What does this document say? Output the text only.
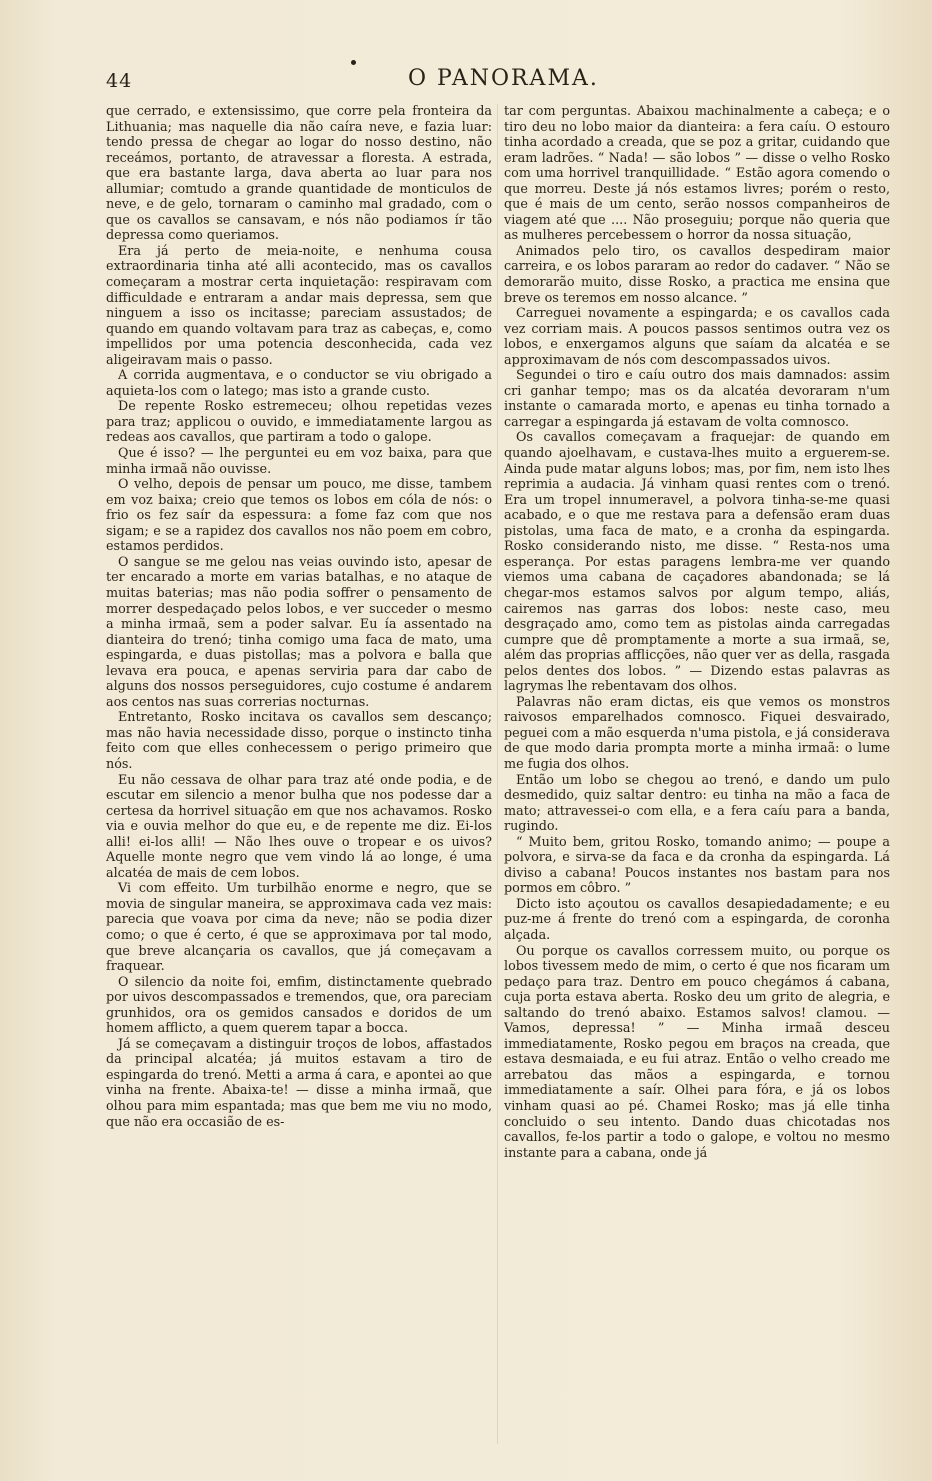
44	O PANORAMA.

que cerrado, e extensissimo, que corre pela fronteira da Lithuania; mas naquelle dia não caíra neve, e fazia luar: tendo pressa de chegar ao logar do nosso destino, não receámos, portanto, de atravessar a floresta. A estrada, que era bastante larga, dava aberta ao luar para nos allumiar; comtudo a grande quantidade de monticulos de neve, e de gelo, tornaram o caminho mal gradado, com o que os cavallos se cansavam, e nós não podiamos ír tão depressa como queriamos.

Era já perto de meia-noite, e nenhuma cousa extraordinaria tinha até alli acontecido, mas os cavallos começaram a mostrar certa inquietação: respiravam com difficuldade e entraram a andar mais depressa, sem que ninguem a isso os incitasse; pareciam assustados; de quando em quando voltavam para traz as cabeças, e, como impellidos por uma potencia desconhecida, cada vez aligeiravam mais o passo.

A corrida augmentava, e o conductor se viu obrigado a aquieta-los com o latego; mas isto a grande custo.

De repente Rosko estremeceu; olhou repetidas vezes para traz; applicou o ouvido, e immediatamente largou as redeas aos cavallos, que partiram a todo o galope.

Que é isso? — lhe perguntei eu em voz baixa, para que minha irmaã não ouvisse.

O velho, depois de pensar um pouco, me disse, tambem em voz baixa; creio que temos os lobos em cóla de nós: o frio os fez saír da espessura: a fome faz com que nos sigam; e se a rapidez dos cavallos nos não poem em cobro, estamos perdidos.

O sangue se me gelou nas veias ouvindo isto, apesar de ter encarado a morte em varias batalhas, e no ataque de muitas baterias; mas não podia soffrer o pensamento de morrer despedaçado pelos lobos, e ver succeder o mesmo a minha irmaã, sem a poder salvar. Eu ía assentado na dianteira do trenó; tinha comigo uma faca de mato, uma espingarda, e duas pistollas; mas a polvora e balla que levava era pouca, e apenas serviria para dar cabo de alguns dos nossos perseguidores, cujo costume é andarem aos centos nas suas correrias nocturnas.

Entretanto, Rosko incitava os cavallos sem descanço; mas não havia necessidade disso, porque o instincto tinha feito com que elles conhecessem o perigo primeiro que nós.

Eu não cessava de olhar para traz até onde podia, e de escutar em silencio a menor bulha que nos podesse dar a certesa da horrivel situação em que nos achavamos. Rosko via e ouvia melhor do que eu, e de repente me diz. Ei-los alli! ei-los alli! — Não lhes ouve o tropear e os uivos? Aquelle monte negro que vem vindo lá ao longe, é uma alcatéa de mais de cem lobos.

Vi com effeito. Um turbilhão enorme e negro, que se movia de singular maneira, se approximava cada vez mais: parecia que voava por cima da neve; não se podia dizer como; o que é certo, é que se approximava por tal modo, que breve alcançaria os cavallos, que já começavam a fraquear.

O silencio da noite foi, emfim, distinctamente quebrado por uivos descompassados e tremendos, que, ora pareciam grunhidos, ora os gemidos cansados e doridos de um homem afflicto, a quem querem tapar a bocca.

Já se começavam a distinguir troços de lobos, affastados da principal alcatéa; já muitos estavam a tiro de espingarda do trenó. Metti a arma á cara, e apontei ao que vinha na frente. Abaixa-te! — disse a minha irmaã, que olhou para mim espantada; mas que bem me viu no modo, que não era occasião de es-

tar com perguntas. Abaixou machinalmente a cabeça; e o tiro deu no lobo maior da dianteira: a fera caíu. O estouro tinha acordado a creada, que se poz a gritar, cuidando que eram ladrões. “ Nada! — são lobos ” — disse o velho Rosko com uma horrivel tranquillidade. “ Estão agora comendo o que morreu. Deste já nós estamos livres; porém o resto, que é mais de um cento, serão nossos companheiros de viagem até que .... Não proseguiu; porque não queria que as mulheres percebessem o horror da nossa situação,

Animados pelo tiro, os cavallos despediram maior carreira, e os lobos pararam ao redor do cadaver. “ Não se demorarão muito, disse Rosko, a practica me ensina que breve os teremos em nosso alcance. ”

Carreguei novamente a espingarda; e os cavallos cada vez corriam mais. A poucos passos sentimos outra vez os lobos, e enxergamos alguns que saíam da alcatéa e se approximavam de nós com descompassados uivos.

Segundei o tiro e caíu outro dos mais damnados: assim cri ganhar tempo; mas os da alcatéa devoraram n'um instante o camarada morto, e apenas eu tinha tornado a carregar a espingarda já estavam de volta comnosco.

Os cavallos começavam a fraquejar: de quando em quando ajoelhavam, e custava-lhes muito a erguerem-se. Ainda pude matar alguns lobos; mas, por fim, nem isto lhes reprimia a audacia. Já vinham quasi rentes com o trenó. Era um tropel innumeravel, a polvora tinha-se-me quasi acabado, e o que me restava para a defensão eram duas pistolas, uma faca de mato, e a cronha da espingarda. Rosko considerando nisto, me disse. “ Resta-nos uma esperança. Por estas paragens lembra-me ver quando viemos uma cabana de caçadores abandonada; se lá chegar-mos estamos salvos por algum tempo, aliás, cairemos nas garras dos lobos: neste caso, meu desgraçado amo, como tem as pistolas ainda carregadas cumpre que dê promptamente a morte a sua irmaã, se, além das proprias afflicções, não quer ver as della, rasgada pelos dentes dos lobos. ” — Dizendo estas palavras as lagrymas lhe rebentavam dos olhos.

Palavras não eram dictas, eis que vemos os monstros raivosos emparelhados comnosco. Fiquei desvairado, peguei com a mão esquerda n'uma pistola, e já considerava de que modo daria prompta morte a minha irmaã: o lume me fugia dos olhos.

Então um lobo se chegou ao trenó, e dando um pulo desmedido, quiz saltar dentro: eu tinha na mão a faca de mato; attravessei-o com ella, e a fera caíu para a banda, rugindo.

“ Muito bem, gritou Rosko, tomando animo; — poupe a polvora, e sirva-se da faca e da cronha da espingarda. Lá diviso a cabana! Poucos instantes nos bastam para nos pormos em côbro. ”

Dicto isto açoutou os cavallos desapiedadamente; e eu puz-me á frente do trenó com a espingarda, de coronha alçada.

Ou porque os cavallos corressem muito, ou porque os lobos tivessem medo de mim, o certo é que nos ficaram um pedaço para traz. Dentro em pouco chegámos á cabana, cuja porta estava aberta. Rosko deu um grito de alegria, e saltando do trenó abaixo. Estamos salvos! clamou. — Vamos, depressa! ” — Minha irmaã desceu immediatamente, Rosko pegou em braços na creada, que estava desmaiada, e eu fui atraz. Então o velho creado me arrebatou das mãos a espingarda, e tornou immediatamente a saír. Olhei para fóra, e já os lobos vinham quasi ao pé. Chamei Rosko; mas já elle tinha concluido o seu intento. Dando duas chicotadas nos cavallos, fe-los partir a todo o galope, e voltou no mesmo instante para a cabana, onde já
